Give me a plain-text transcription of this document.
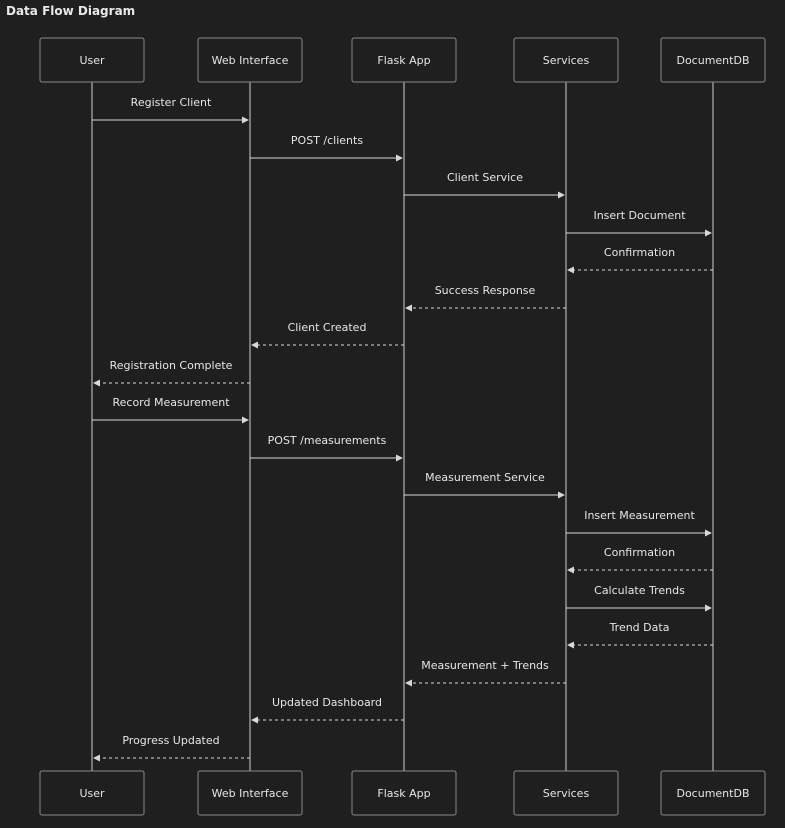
Data Flow Diagram
Register Client
POST /clients
Client Service
Insert Document
Confirmation
Success Response
Client Created
Registration Complete
Record Measurement
POST /measurements
Measurement Service
Insert Measurement
Confirmation
Calculate Trends
Trend Data
Measurement + Trends
Updated Dashboard
Progress Updated
User	Web Interface	Flask App	Services	DocumentDB
User	Web Interface	Flask App	Services	DocumentDB
